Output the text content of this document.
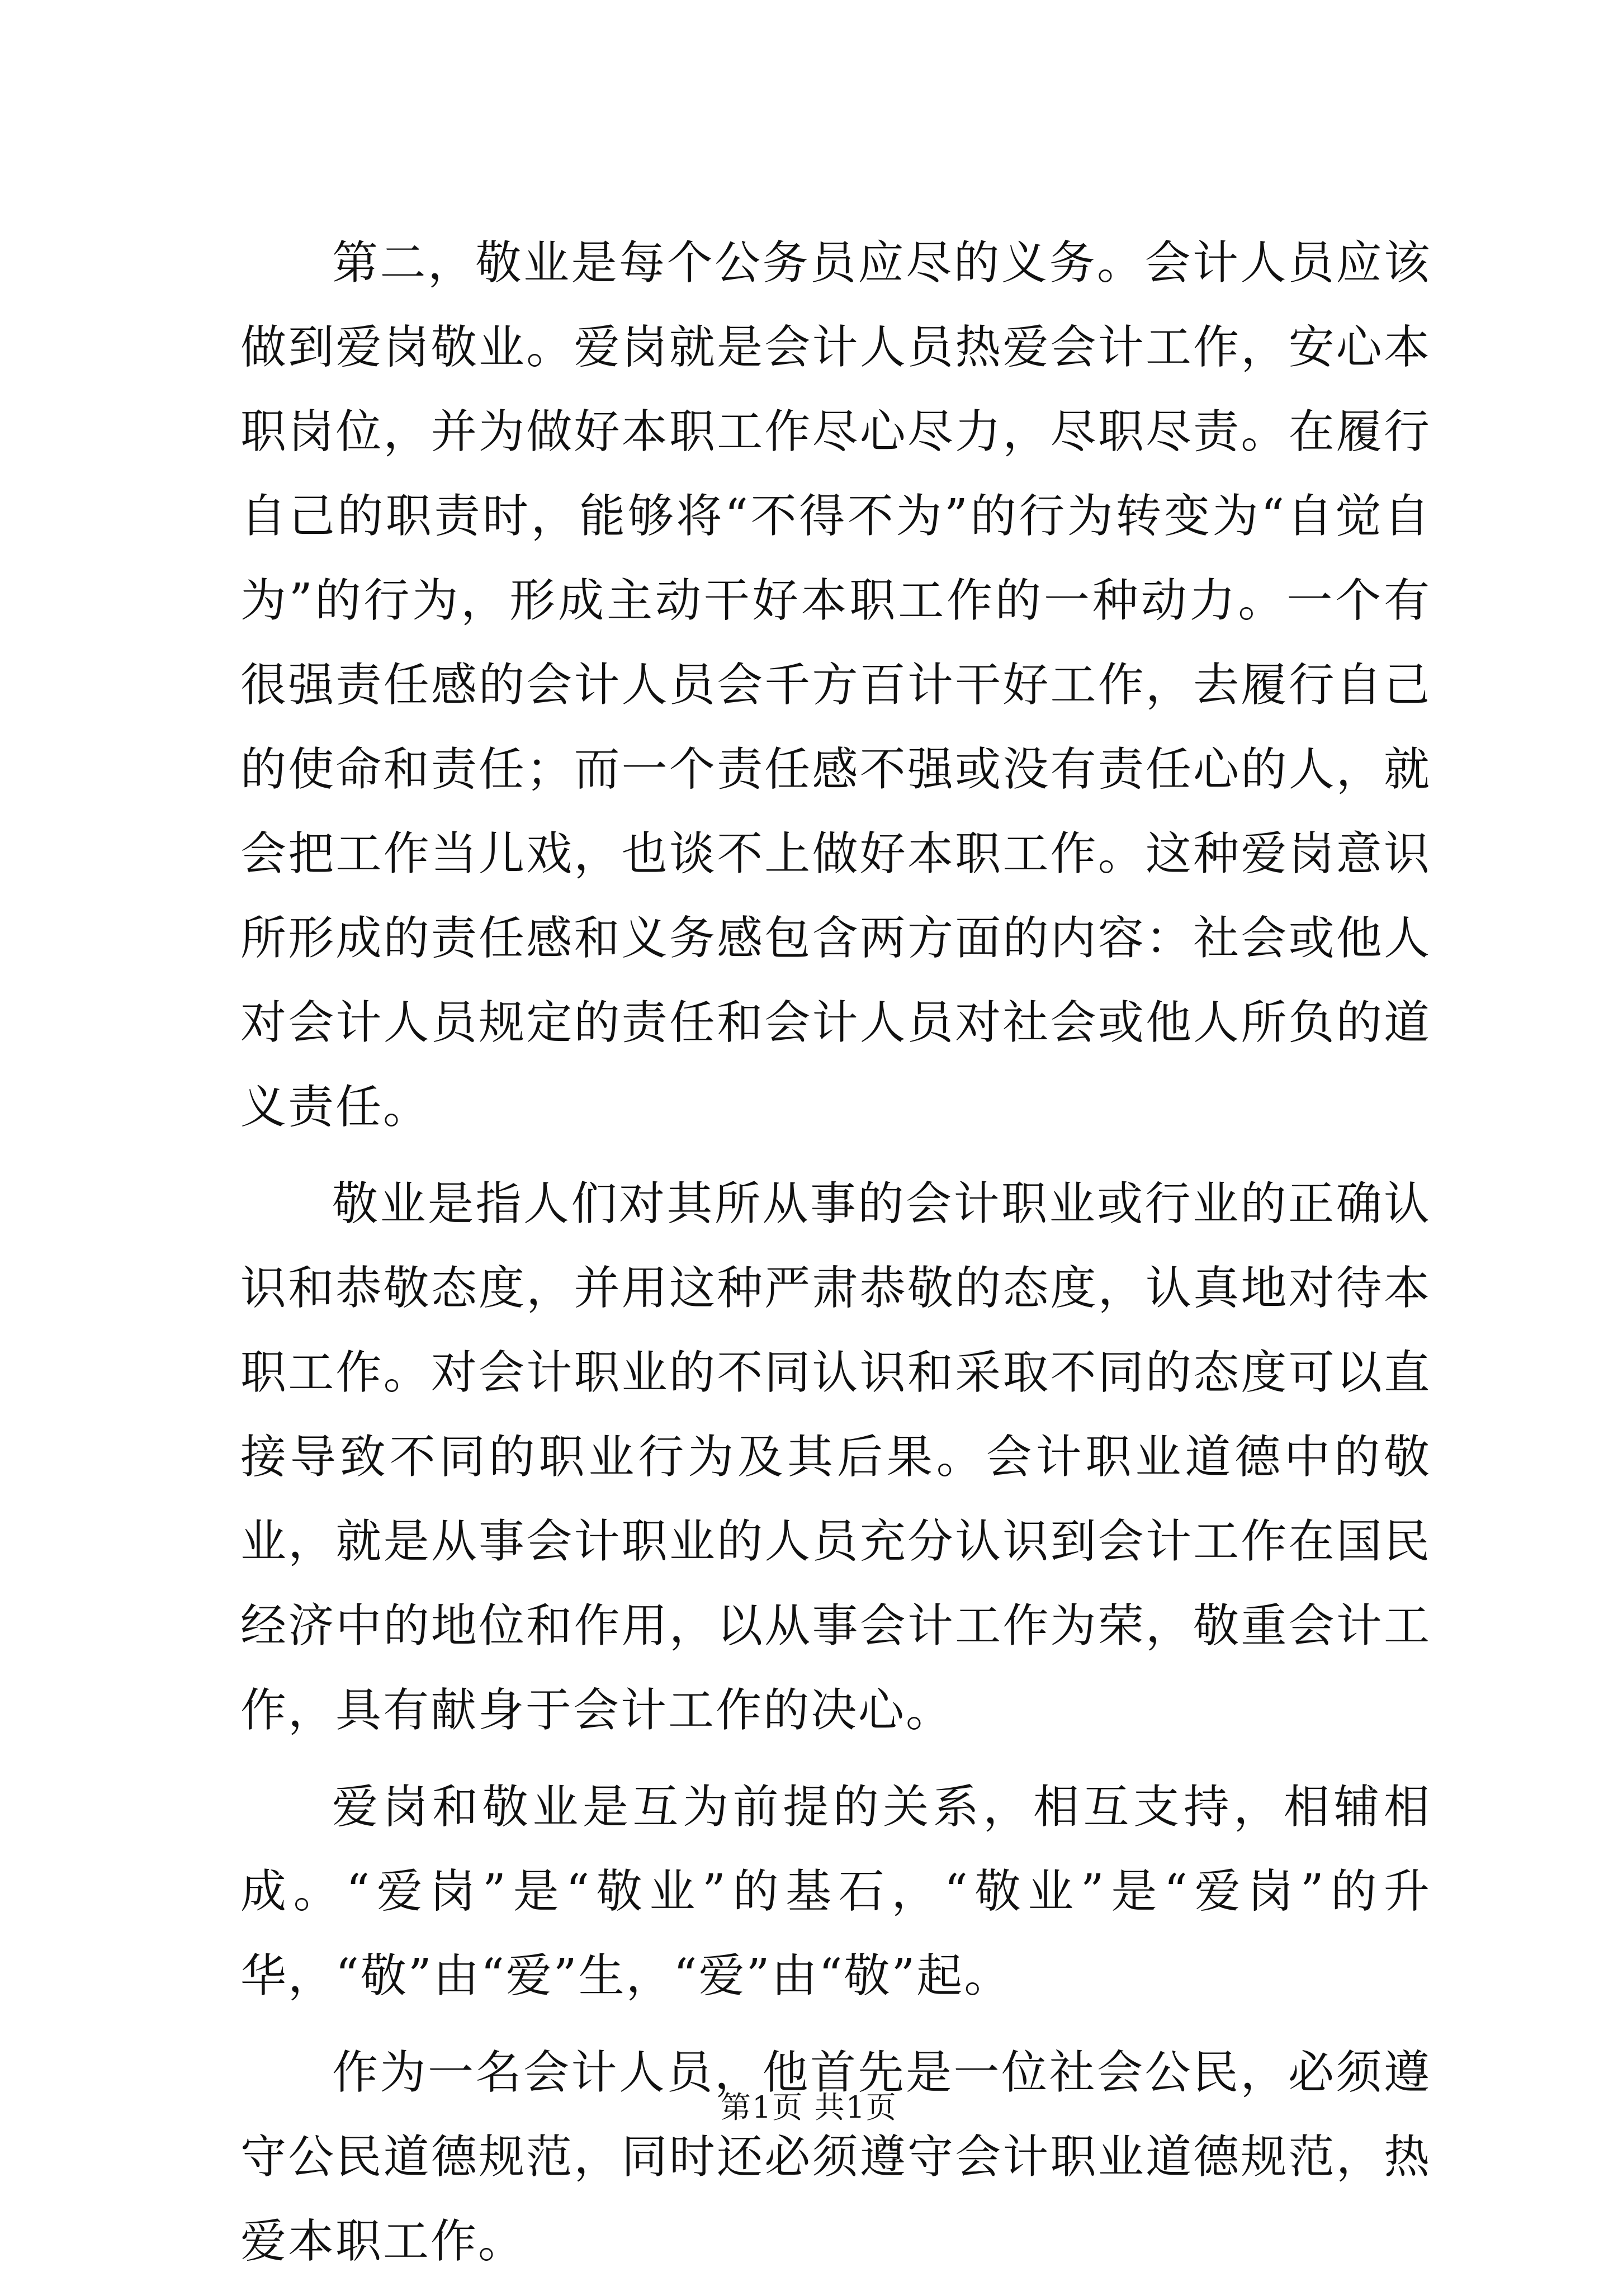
第二，敬业是每个公务员应尽的义务。会计人员应该做到爱岗敬业。爱岗就是会计人员热爱会计工作，安心本职岗位，并为做好本职工作尽心尽力，尽职尽责。在履行自己的职责时，能够将“不得不为”的行为转变为“自觉自为”的行为，形成主动干好本职工作的一种动力。一个有很强责任感的会计人员会千方百计干好工作，去履行自己的使命和责任；而一个责任感不强或没有责任心的人，就会把工作当儿戏，也谈不上做好本职工作。这种爱岗意识所形成的责任感和义务感包含两方面的内容：社会或他人对会计人员规定的责任和会计人员对社会或他人所负的道义责任。

敬业是指人们对其所从事的会计职业或行业的正确认识和恭敬态度，并用这种严肃恭敬的态度，认真地对待本职工作。对会计职业的不同认识和采取不同的态度可以直接导致不同的职业行为及其后果。会计职业道德中的敬业，就是从事会计职业的人员充分认识到会计工作在国民经济中的地位和作用，以从事会计工作为荣，敬重会计工作，具有献身于会计工作的决心。

爱岗和敬业是互为前提的关系，相互支持，相辅相成。“爱岗”是“敬业”的基石，“敬业”是“爱岗”的升华，“敬”由“爱”生，“爱”由“敬”起。

作为一名会计人员，他首先是一位社会公民，必须遵守公民道德规范，同时还必须遵守会计职业道德规范，热爱本职工作。

第1页 共1页
